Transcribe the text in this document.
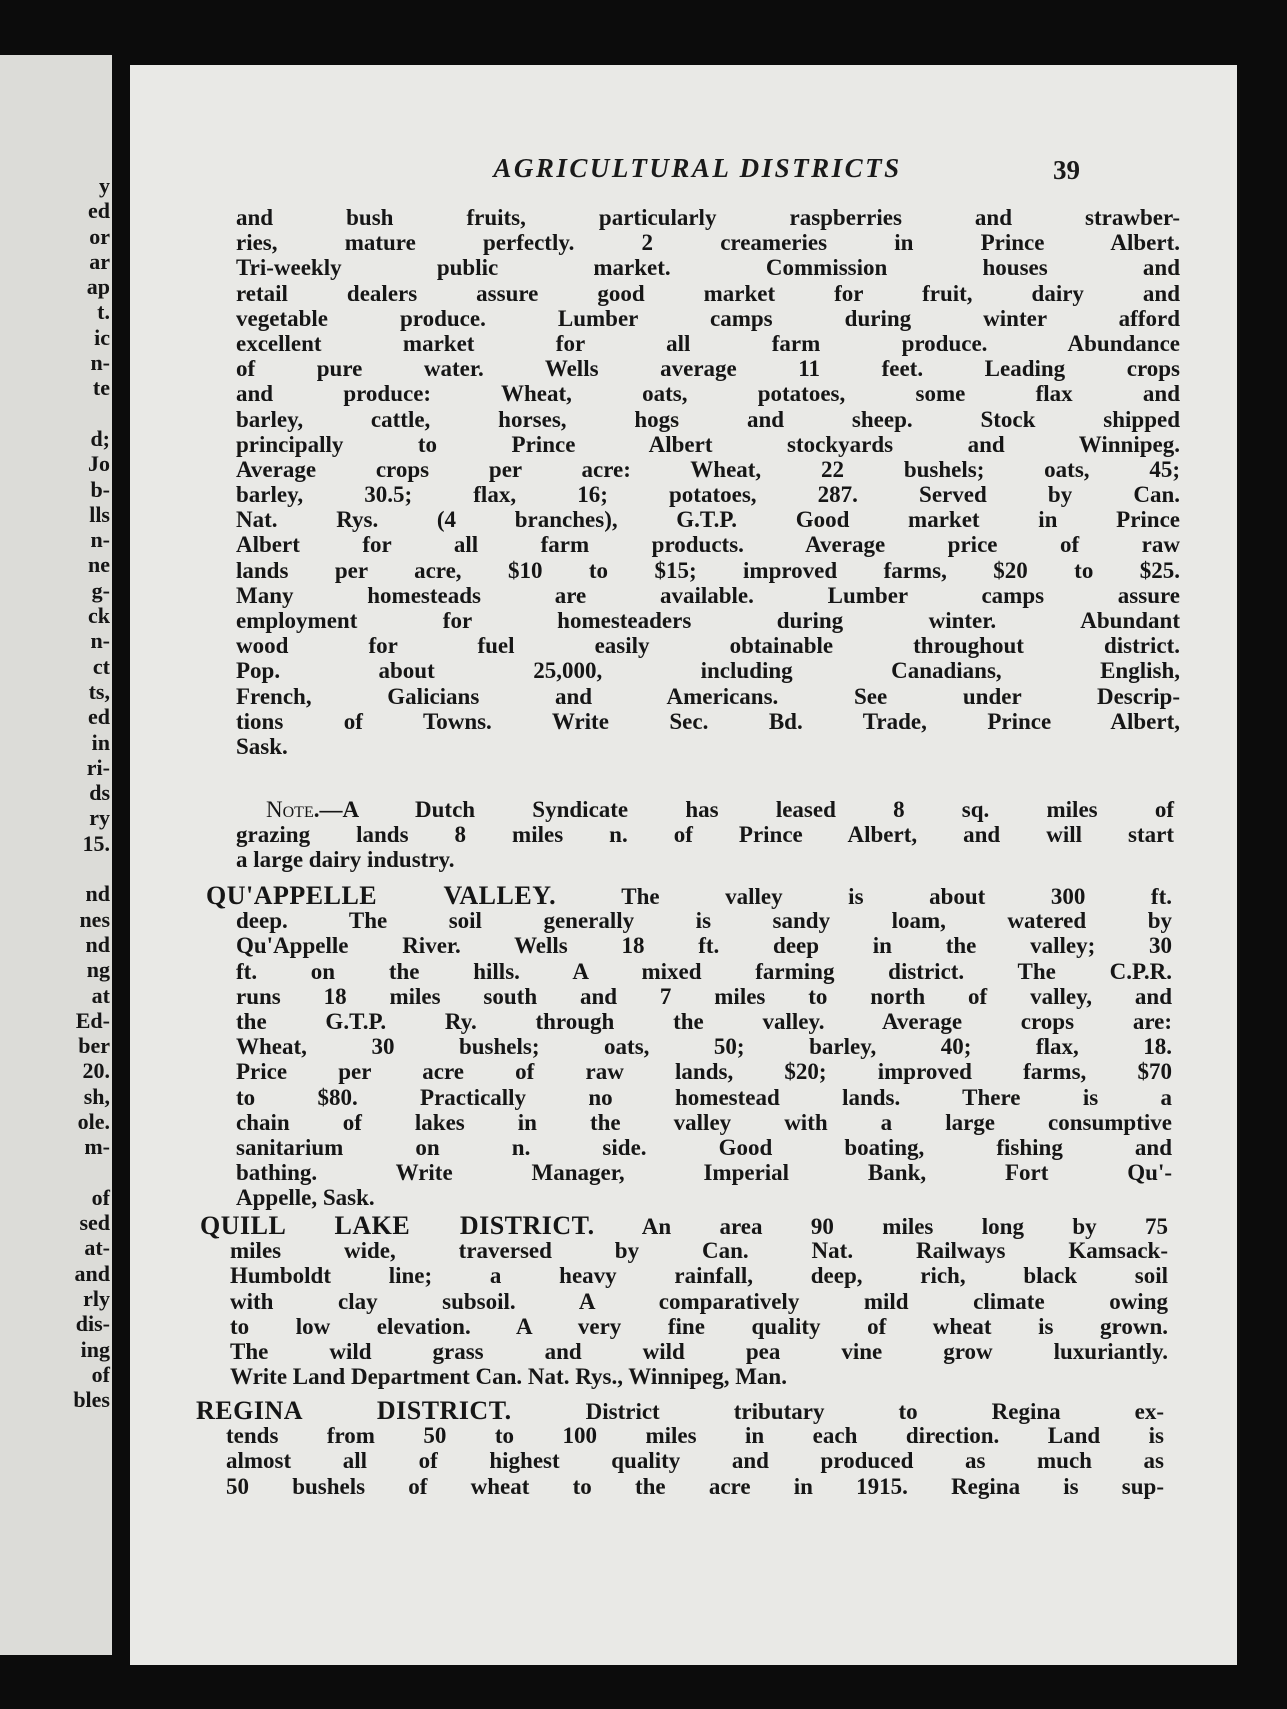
y
ed
or
ar
ap
t.
ic
n-
te
d;
Jo
b-
lls
n-
ne
g-
ck
n-
ct
ts,
ed
in
ri-
ds
ry
15.
nd
nes
nd
ng
at
Ed-
ber
20.
sh,
ole.
m-
of
sed
at-
and
rly
dis-
ing
of
bles
AGRICULTURAL DISTRICTS	39
and bush fruits, particularly raspberries and strawber-
ries, mature perfectly. 2 creameries in Prince Albert.
Tri-weekly public market. Commission houses and
retail dealers assure good market for fruit, dairy and
vegetable produce. Lumber camps during winter afford
excellent market for all farm produce. Abundance
of pure water. Wells average 11 feet. Leading crops
and produce: Wheat, oats, potatoes, some flax and
barley, cattle, horses, hogs and sheep. Stock shipped
principally to Prince Albert stockyards and Winnipeg.
Average crops per acre: Wheat, 22 bushels; oats, 45;
barley, 30.5; flax, 16; potatoes, 287. Served by Can.
Nat. Rys. (4 branches), G.T.P. Good market in Prince
Albert for all farm products. Average price of raw
lands per acre, $10 to $15; improved farms, $20 to $25.
Many homesteads are available. Lumber camps assure
employment for homesteaders during winter. Abundant
wood for fuel easily obtainable throughout district.
Pop. about 25,000, including Canadians, English,
French, Galicians and Americans. See under Descrip-
tions of Towns. Write Sec. Bd. Trade, Prince Albert,
Sask.
Note.—A Dutch Syndicate has leased 8 sq. miles of
grazing lands 8 miles n. of Prince Albert, and will start
a large dairy industry.
QU'APPELLE VALLEY.	The valley is about 300 ft.
deep. The soil generally is sandy loam, watered by
Qu'Appelle River. Wells 18 ft. deep in the valley; 30
ft. on the hills. A mixed farming district. The C.P.R.
runs 18 miles south and 7 miles to north of valley, and
the G.T.P. Ry. through the valley. Average crops are:
Wheat, 30 bushels; oats, 50; barley, 40; flax, 18.
Price per acre of raw lands, $20; improved farms, $70
to $80. Practically no homestead lands. There is a
chain of lakes in the valley with a large consumptive
sanitarium on n. side. Good boating, fishing and
bathing. Write Manager, Imperial Bank, Fort Qu'-
Appelle, Sask.
QUILL LAKE DISTRICT. An area 90 miles long by 75
miles wide, traversed by Can. Nat. Railways Kamsack-
Humboldt line; a heavy rainfall, deep, rich, black soil
with clay subsoil. A comparatively mild climate owing
to low elevation. A very fine quality of wheat is grown.
The wild grass and wild pea vine grow luxuriantly.
Write Land Department Can. Nat. Rys., Winnipeg, Man.
REGINA DISTRICT.	District tributary to Regina ex-
tends from 50 to 100 miles in each direction. Land is
almost all of highest quality and produced as much as
50 bushels of wheat to the acre in 1915. Regina is sup-
